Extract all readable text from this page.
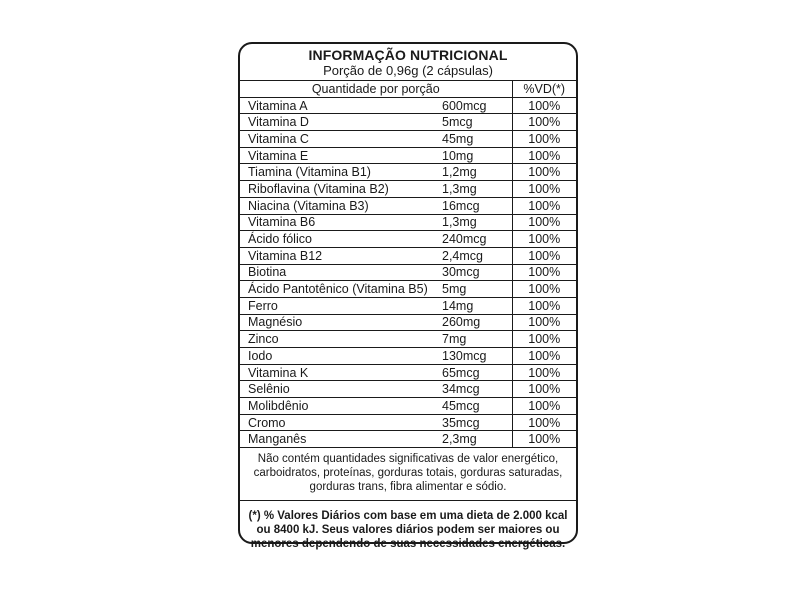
INFORMAÇÃO NUTRICIONAL
Porção de 0,96g (2 cápsulas)
Quantidade por porção		%VD(*)
Vitamina A	600mcg	100%
Vitamina D	5mcg	100%
Vitamina C	45mg	100%
Vitamina E	10mg	100%
Tiamina (Vitamina B1)	1,2mg	100%
Riboflavina (Vitamina B2)	1,3mg	100%
Niacina (Vitamina B3)	16mcg	100%
Vitamina B6	1,3mg	100%
Ácido fólico	240mcg	100%
Vitamina B12	2,4mcg	100%
Biotina	30mcg	100%
Ácido Pantotênico (Vitamina B5)	5mg	100%
Ferro	14mg	100%
Magnésio	260mg	100%
Zinco	7mg	100%
Iodo	130mcg	100%
Vitamina K	65mcg	100%
Selênio	34mcg	100%
Molibdênio	45mcg	100%
Cromo	35mcg	100%
Manganês	2,3mg	100%
Não contém quantidades significativas de valor energético, carboidratos, proteínas, gorduras totais, gorduras saturadas, gorduras trans, fibra alimentar e sódio.
(*) % Valores Diários com base em uma dieta de 2.000 kcal ou 8400 kJ. Seus valores diários podem ser maiores ou menores dependendo de suas necessidades energéticas.
